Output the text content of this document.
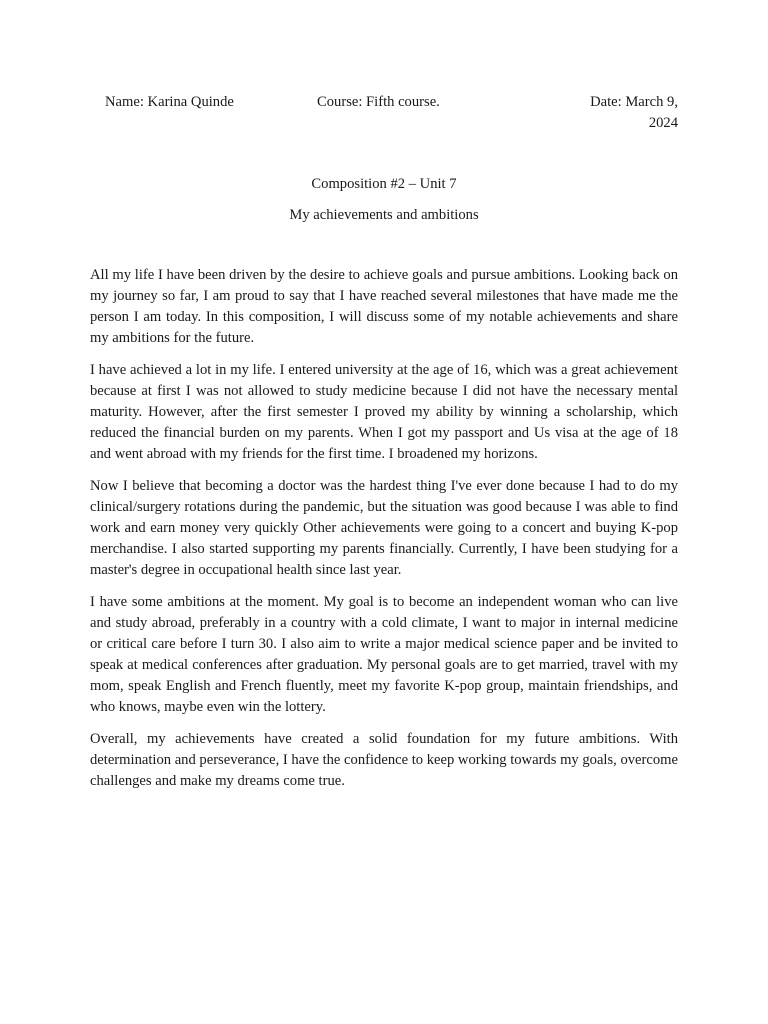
Name: Karina Quinde	Course: Fifth course.	Date: March 9, 2024

Composition #2 – Unit 7

My achievements and ambitions

All my life I have been driven by the desire to achieve goals and pursue ambitions. Looking back on my journey so far, I am proud to say that I have reached several milestones that have made me the person I am today. In this composition, I will discuss some of my notable achievements and share my ambitions for the future.

I have achieved a lot in my life. I entered university at the age of 16, which was a great achievement because at first I was not allowed to study medicine because I did not have the necessary mental maturity. However, after the first semester I proved my ability by winning a scholarship, which reduced the financial burden on my parents. When I got my passport and Us visa at the age of 18 and went abroad with my friends for the first time. I broadened my horizons.

Now I believe that becoming a doctor was the hardest thing I've ever done because I had to do my clinical/surgery rotations during the pandemic, but the situation was good because I was able to find work and earn money very quickly Other achievements were going to a concert and buying K-pop merchandise. I also started supporting my parents financially. Currently, I have been studying for a master's degree in occupational health since last year.

I have some ambitions at the moment. My goal is to become an independent woman who can live and study abroad, preferably in a country with a cold climate, I want to major in internal medicine or critical care before I turn 30. I also aim to write a major medical science paper and be invited to speak at medical conferences after graduation. My personal goals are to get married, travel with my mom, speak English and French fluently, meet my favorite K-pop group, maintain friendships, and who knows, maybe even win the lottery.

Overall, my achievements have created a solid foundation for my future ambitions. With determination and perseverance, I have the confidence to keep working towards my goals, overcome challenges and make my dreams come true.
